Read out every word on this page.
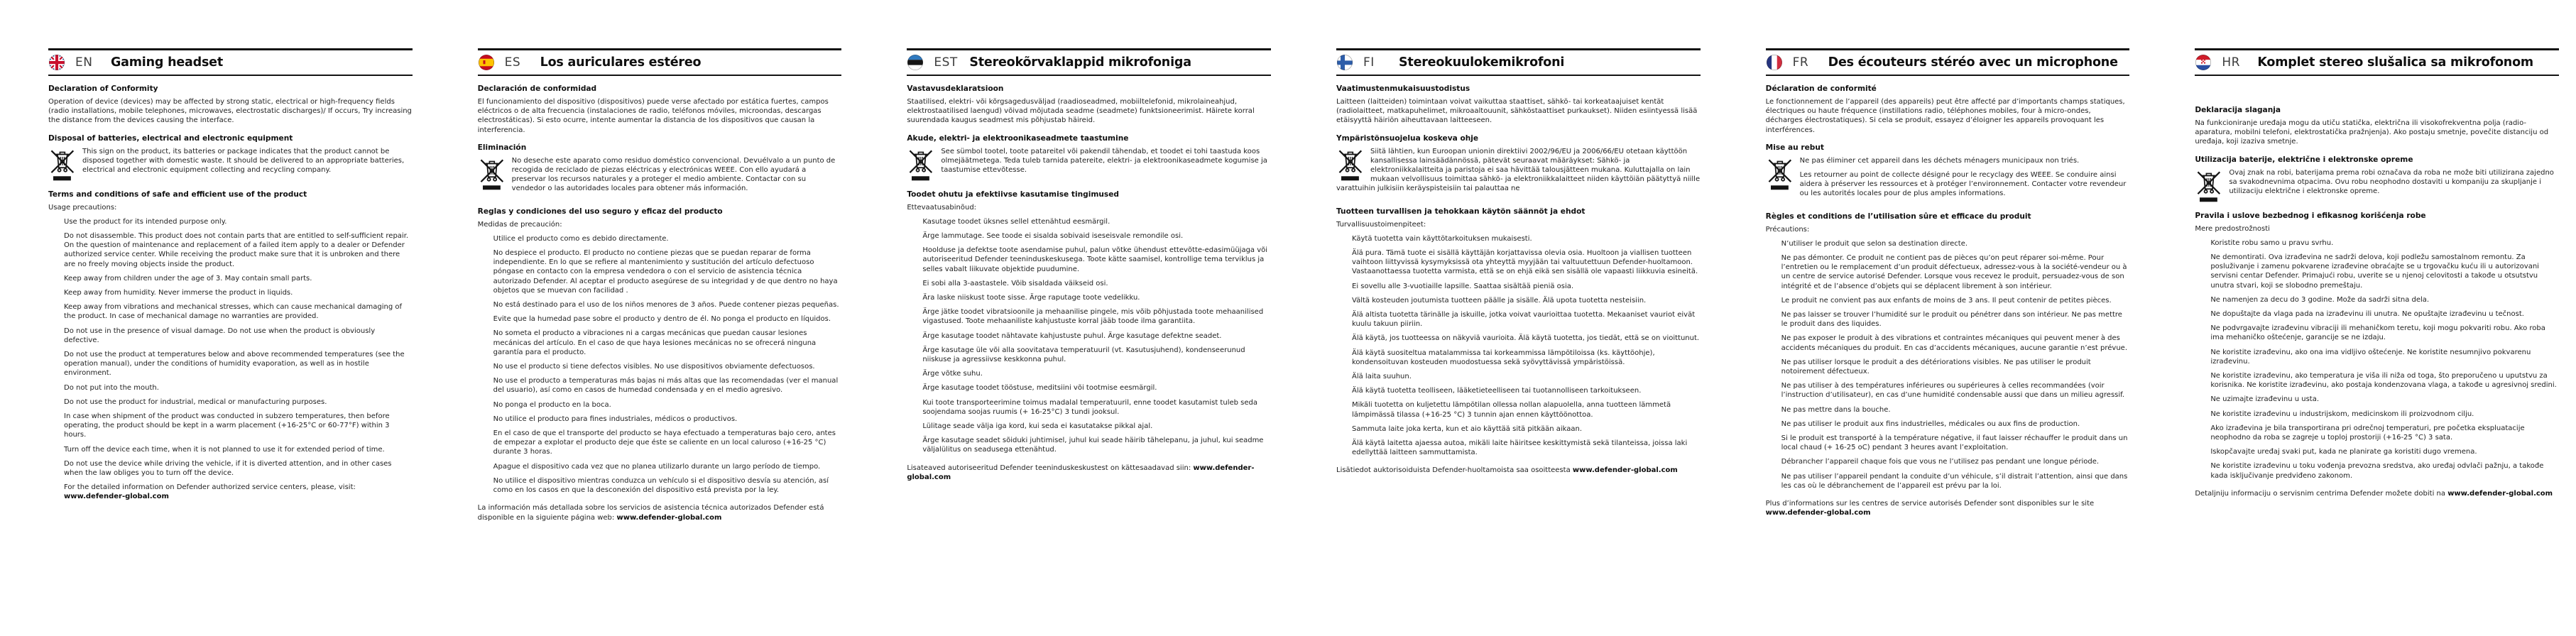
EN	Gaming headset
Declaration of Conformity

Operation of device (devices) may be affected by strong static, electrical or high-frequency fields (radio installations, mobile telephones, microwaves, electrostatic discharges)/ If occurs, Try increasing the distance from the devices causing the interface.

Disposal of batteries, electrical and electronic equipment

This sign on the product, its batteries or package indicates that the product cannot be disposed together with domestic waste. It should be delivered to an appropriate batteries, electrical and electronic equipment collecting and recycling company.

Terms and conditions of safe and efficient use of the product

Usage precautions:

Use the product for its intended purpose only.

Do not disassemble. This product does not contain parts that are entitled to self-sufficient repair. On the question of maintenance and replacement of a failed item apply to a dealer or Defender authorized service center. While receiving the product make sure that it is unbroken and there are no freely moving objects inside the product.

Keep away from children under the age of 3. May contain small parts.

Keep away from humidity. Never immerse the product in liquids.

Keep away from vibrations and mechanical stresses, which can cause mechanical damaging of the product. In case of mechanical damage no warranties are provided.

Do not use in the presence of visual damage. Do not use when the product is obviously defective.

Do not use the product at temperatures below and above recommended temperatures (see the operation manual), under the conditions of humidity evaporation, as well as in hostile environment.

Do not put into the mouth.

Do not use the product for industrial, medical or manufacturing purposes.

In case when shipment of the product was conducted in subzero temperatures, then before operating, the product should be kept in a warm placement (+16-25°C or 60-77°F) within 3 hours.

Turn off the device each time, when it is not planned to use it for extended period of time.

Do not use the device while driving the vehicle, if it is diverted attention, and in other cases when the law obliges you to turn off the device.

For the detailed information on Defender authorized service centers, please, visit: www.defender-global.com

ES	Los auriculares estéreo
Declaración de conformidad

El funcionamiento del dispositivo (dispositivos) puede verse afectado por estática fuertes, campos eléctricos o de alta frecuencia (instalaciones de radio, teléfonos móviles, microondas, descargas electrostáticas). Si esto ocurre, intente aumentar la distancia de los dispositivos que causan la interferencia.

Eliminación

No deseche este aparato como residuo doméstico convencional. Devuélvalo a un punto de recogida de reciclado de piezas eléctricas y electrónicas WEEE. Con ello ayudará a preservar los recursos naturales y a proteger el medio ambiente. Contactar con su vendedor o las autoridades locales para obtener más información.

Reglas y condiciones del uso seguro y eficaz del producto

Medidas de precaución:

Utilice el producto como es debido directamente.

No despiece el producto. El producto no contiene piezas que se puedan reparar de forma independiente. En lo que se refiere al mantenimiento y sustitución del artículo defectuoso póngase en contacto con la empresa vendedora o con el servicio de asistencia técnica autorizado Defender. Al aceptar el producto asegúrese de su integridad y de que dentro no haya objetos que se muevan con facilidad .

No está destinado para el uso de los niños menores de 3 años. Puede contener piezas pequeñas.

Evite que la humedad pase sobre el producto y dentro de él. No ponga el producto en líquidos.

No someta el producto a vibraciones ni a cargas mecánicas que puedan causar lesiones mecánicas del artículo. En el caso de que haya lesiones mecánicas no se ofrecerá ninguna garantía para el producto.

No use el producto si tiene defectos visibles. No use dispositivos obviamente defectuosos.

No use el producto a temperaturas más bajas ni más altas que las recomendadas (ver el manual del usuario), así como en casos de humedad condensada y en el medio agresivo.

No ponga el producto en la boca.

No utilice el producto para fines industriales, médicos o productivos.

En el caso de que el transporte del producto se haya efectuado a temperaturas bajo cero, antes de empezar a explotar el producto deje que éste se caliente en un local caluroso (+16-25 °C) durante 3 horas.

Apague el dispositivo cada vez que no planea utilizarlo durante un largo período de tiempo.

No utilice el dispositivo mientras conduzca un vehículo si el dispositivo desvía su atención, así como en los casos en que la desconexión del dispositivo está prevista por la ley.

La información más detallada sobre los servicios de asistencia técnica autorizados Defender está disponible en la siguiente página web: www.defender-global.com

EST Stereokõrvaklappid mikrofoniga
Vastavusdeklaratsioon

Staatilised, elektri- või kõrgsagedusväljad (raadioseadmed, mobiiltelefonid, mikrolaineahjud, elektrostaatilised laengud) võivad mõjutada seadme (seadmete) funktsioneerimist. Häirete korral suurendada kaugus seadmest mis põhjustab häireid.

Akude, elektri- ja elektroonikaseadmete taastumine

See sümbol tootel, toote patareitel või pakendil tähendab, et toodet ei tohi taastuda koos olmejäätmetega. Teda tuleb tarnida patereite, elektri- ja elektroonikaseadmete kogumise ja taastumise ettevõtesse.

Toodet ohutu ja efektiivse kasutamise tingimused

Ettevaatusabinõud:

Kasutage toodet üksnes sellel ettenähtud eesmärgil.

Ärge lammutage. See toode ei sisalda sobivaid iseseisvale remondile osi.

Hoolduse ja defektse toote asendamise puhul, palun võtke ühendust ettevõtte-edasimüüjaga või autoriseeritud Defender teeninduskeskusega. Toote kätte saamisel, kontrollige tema terviklus ja selles vabalt liikuvate objektide puudumine.

Ei sobi alla 3-aastastele. Võib sisaldada väikseid osi.

Ära laske niiskust toote sisse. Ärge raputage toote vedelikku.

Ärge jätke toodet vibratsioonile ja mehaanilise pingele, mis võib põhjustada toote mehaanilised vigastused. Toote mehaaniliste kahjustuste korral jääb toode ilma garantiita.

Ärge kasutage toodet nähtavate kahjustuste puhul. Ärge kasutage defektne seadet.

Ärge kasutage üle või alla soovitatava temperatuuril (vt. Kasutusjuhend), kondenseerunud niiskuse ja agressiivse keskkonna puhul.

Ärge võtke suhu.

Ärge kasutage toodet tööstuse, meditsiini või tootmise eesmärgil.

Kui toote transporteerimine toimus madalal temperatuuril, enne toodet kasutamist tuleb seda soojendama soojas ruumis (+ 16-25°C) 3 tundi jooksul.

Lülitage seade välja iga kord, kui seda ei kasutatakse pikkal ajal.

Ärge kasutage seadet sõiduki juhtimisel, juhul kui seade häirib tähelepanu, ja juhul, kui seadme väljalülitus on seadusega ettenähtud.

Lisateaved autoriseeritud Defender teeninduskeskustest on kättesaadavad siin: www.defender-global.com

FI	Stereokuulokemikrofoni
Vaatimustenmukaisuustodistus

Laitteen (laitteiden) toimintaan voivat vaikuttaa staattiset, sähkö- tai korkeataajuiset kentät (radiolaitteet, matkapuhelimet, mikroaaltouunit, sähköstaattiset purkaukset). Niiden esiintyessä lisää etäisyyttä häiriön aiheuttavaan laitteeseen.

Ympäristönsuojelua koskeva ohje

Siitä lähtien, kun Euroopan unionin direktiivi 2002/96/EU ja 2006/66/EU otetaan käyttöön kansallisessa lainsäädännössä, pätevät seuraavat määräykset: Sähkö- ja elektroniikkalaitteita ja paristoja ei saa hävittää talousjätteen mukana. Kuluttajalla on lain mukaan velvollisuus toimittaa sähkö- ja elektroniikkalaitteet niiden käyttöiän päätyttyä niille varattuihin julkisiin keräyspisteisiin tai palauttaa ne

Tuotteen turvallisen ja tehokkaan käytön säännöt ja ehdot

Turvallisuustoimenpiteet:

Käytä tuotetta vain käyttötarkoituksen mukaisesti.

Älä pura. Tämä tuote ei sisällä käyttäjän korjattavissa olevia osia. Huoltoon ja viallisen tuotteen vaihtoon liittyvissä kysymyksissä ota yhteyttä myyjään tai valtuutettuun Defender-huoltamoon. Vastaanottaessa tuotetta varmista, että se on ehjä eikä sen sisällä ole vapaasti liikkuvia esineitä.

Ei sovellu alle 3-vuotiaille lapsille. Saattaa sisältää pieniä osia.

Vältä kosteuden joutumista tuotteen päälle ja sisälle. Älä upota tuotetta nesteisiin.

Älä altista tuotetta tärinälle ja iskuille, jotka voivat vaurioittaa tuotetta. Mekaaniset vauriot eivät kuulu takuun piiriin.

Älä käytä, jos tuotteessa on näkyviä vaurioita. Älä käytä tuotetta, jos tiedät, että se on vioittunut.

Älä käytä suositeltua matalammissa tai korkeammissa lämpötiloissa (ks. käyttöohje), kondensoituvan kosteuden muodostuessa sekä syövyttävissä ympäristöissä.

Älä laita suuhun.

Älä käytä tuotetta teolliseen, lääketieteelliseen tai tuotannolliseen tarkoitukseen.

Mikäli tuotetta on kuljetettu lämpötilan ollessa nollan alapuolella, anna tuotteen lämmetä lämpimässä tilassa (+16-25 °C) 3 tunnin ajan ennen käyttöönottoa.

Sammuta laite joka kerta, kun et aio käyttää sitä pitkään aikaan.

Älä käytä laitetta ajaessa autoa, mikäli laite häiritsee keskittymistä sekä tilanteissa, joissa laki edellyttää laitteen sammuttamista.

Lisätiedot auktorisoiduista Defender-huoltamoista saa osoitteesta www.defender-global.com

FR	Des écouteurs stéréo avec un microphone
Déclaration de conformité

Le fonctionnement de l’appareil (des appareils) peut être affecté par d’importants champs statiques, électriques ou haute fréquence (instillations radio, téléphones mobiles, four à micro-ondes, décharges électrostatiques). Si cela se produit, essayez d’éloigner les appareils provoquant les interférences.

Mise au rebut

Ne pas éliminer cet appareil dans les déchets ménagers municipaux non triés.

Les retourner au point de collecte désigné pour le recyclagy des WEEE. Se conduire ainsi aidera à préserver les ressources et à protéger l’environnement. Contacter votre revendeur ou les autorités locales pour de plus amples informations.

Règles et conditions de l’utilisation sûre et efficace du produit

Précautions:

N’utiliser le produit que selon sa destination directe.

Ne pas démonter. Ce produit ne contient pas de pièces qu’on peut réparer soi-même. Pour l’entretien ou le remplacement d’un produit défectueux, adressez-vous à la société-vendeur ou à un centre de service autorisé Defender. Lorsque vous recevez le produit, persuadez-vous de son intégrité et de l’absence d’objets qui se déplacent librement à son intérieur.

Le produit ne convient pas aux enfants de moins de 3 ans. Il peut contenir de petites pièces.

Ne pas laisser se trouver l’humidité sur le produit ou pénétrer dans son intérieur. Ne pas mettre le produit dans des liquides.

Ne pas exposer le produit à des vibrations et contraintes mécaniques qui peuvent mener à des accidents mécaniques du produit. En cas d’accidents mécaniques, aucune garantie n’est prévue.

Ne pas utiliser lorsque le produit a des détériorations visibles. Ne pas utiliser le produit notoirement défectueux.

Ne pas utiliser à des températures inférieures ou supérieures à celles recommandées (voir l’instruction d’utilisateur), en cas d’une humidité condensable aussi que dans un milieu agressif.

Ne pas mettre dans la bouche.

Ne pas utiliser le produit aux fins industrielles, médicales ou aux fins de production.

Si le produit est transporté à la température négative, il faut laisser réchauffer le produit dans un local chaud (+ 16-25 oC) pendant 3 heures avant l’exploitation.

Débrancher l’appareil chaque fois que vous ne l’utilisez pas pendant une longue période.

Ne pas utiliser l’appareil pendant la conduite d’un véhicule, s’il distrait l’attention, ainsi que dans les cas où le débranchement de l’appareil est prévu par la loi.

Plus d’informations sur les centres de service autorisés Defender sont disponibles sur le site www.defender-global.com

HR	Komplet stereo slušalica sa mikrofonom
Deklaracija slaganja

Na funkcioniranje uređaja mogu da utiču statička, električna ili visokofrekventna polja (radio-aparatura, mobilni telefoni, elektrostatička pražnjenja). Ako postaju smetnje, povečite distanciju od uređaja, koji izaziva smetnje.

Utilizacija baterije, električne i elektronske opreme

Ovaj znak na robi, baterijama prema robi označava da roba ne može biti utilizirana zajedno sa svakodnevnima otpacima. Ovu robu neophodno dostaviti u kompaniju za skupljanje i utilizaciju električne i elektronske opreme.

Pravila i uslove bezbednog i efikasnog korišćenja robe

Mere predostrožnosti

Koristite robu samo u pravu svrhu.

Ne demontirati. Ova izrađevina ne sadrži delova, koji podležu samostalnom remontu. Za posluživanje i zamenu pokvarene izrađevine obraćajte se u trgovačku kuću ili u autorizovani servisni centar Defender. Primajući robu, uverite se u njenoj celovitosti a takođe u otsutstvu unutra stvari, koji se slobodno premeštaju.

Ne namenjen za decu do 3 godine. Može da sadrži sitna dela.

Ne dopuštajte da vlaga pada na izrađevinu ili unutra. Ne opuštajte izrađevinu u tečnost.

Ne podvrgavajte izrađevinu vibraciji ili mehaničkom teretu, koji mogu pokvariti robu. Ako roba ima mehaničko oštećenje, garancije se ne izdaju.

Ne koristite izrađevinu, ako ona ima vidljivo oštećenje. Ne koristite nesumnjivo pokvarenu izrađevinu.

Ne koristite izrađevinu, ako temperatura je viša ili niža od toga, što preporučeno u uputstvu za korisnika. Ne koristite izrađevinu, ako postaja kondenzovana vlaga, a takođe u agresivnoj sredini.

Ne uzimajte izrađevinu u usta.

Ne koristite izrađevinu u industrijskom, medicinskom ili proizvodnom cilju.

Ako izrađevina je bila transportirana pri odrečnoj temperaturi, pre početka ekspluatacije neophodno da roba se zagreje u toploj prostoriji (+16-25 °C) 3 sata.

Iskopčavajte uređaj svaki put, kada ne planirate ga koristiti dugo vremena.

Ne koristite izrađevinu u toku vođenja prevozna sredstva, ako uređaj odvlači pažnju, a takođe kada isključivanje predviđeno zakonom.

Detaljniju informaciju o servisnim centrima Defender možete dobiti na www.defender-global.com
